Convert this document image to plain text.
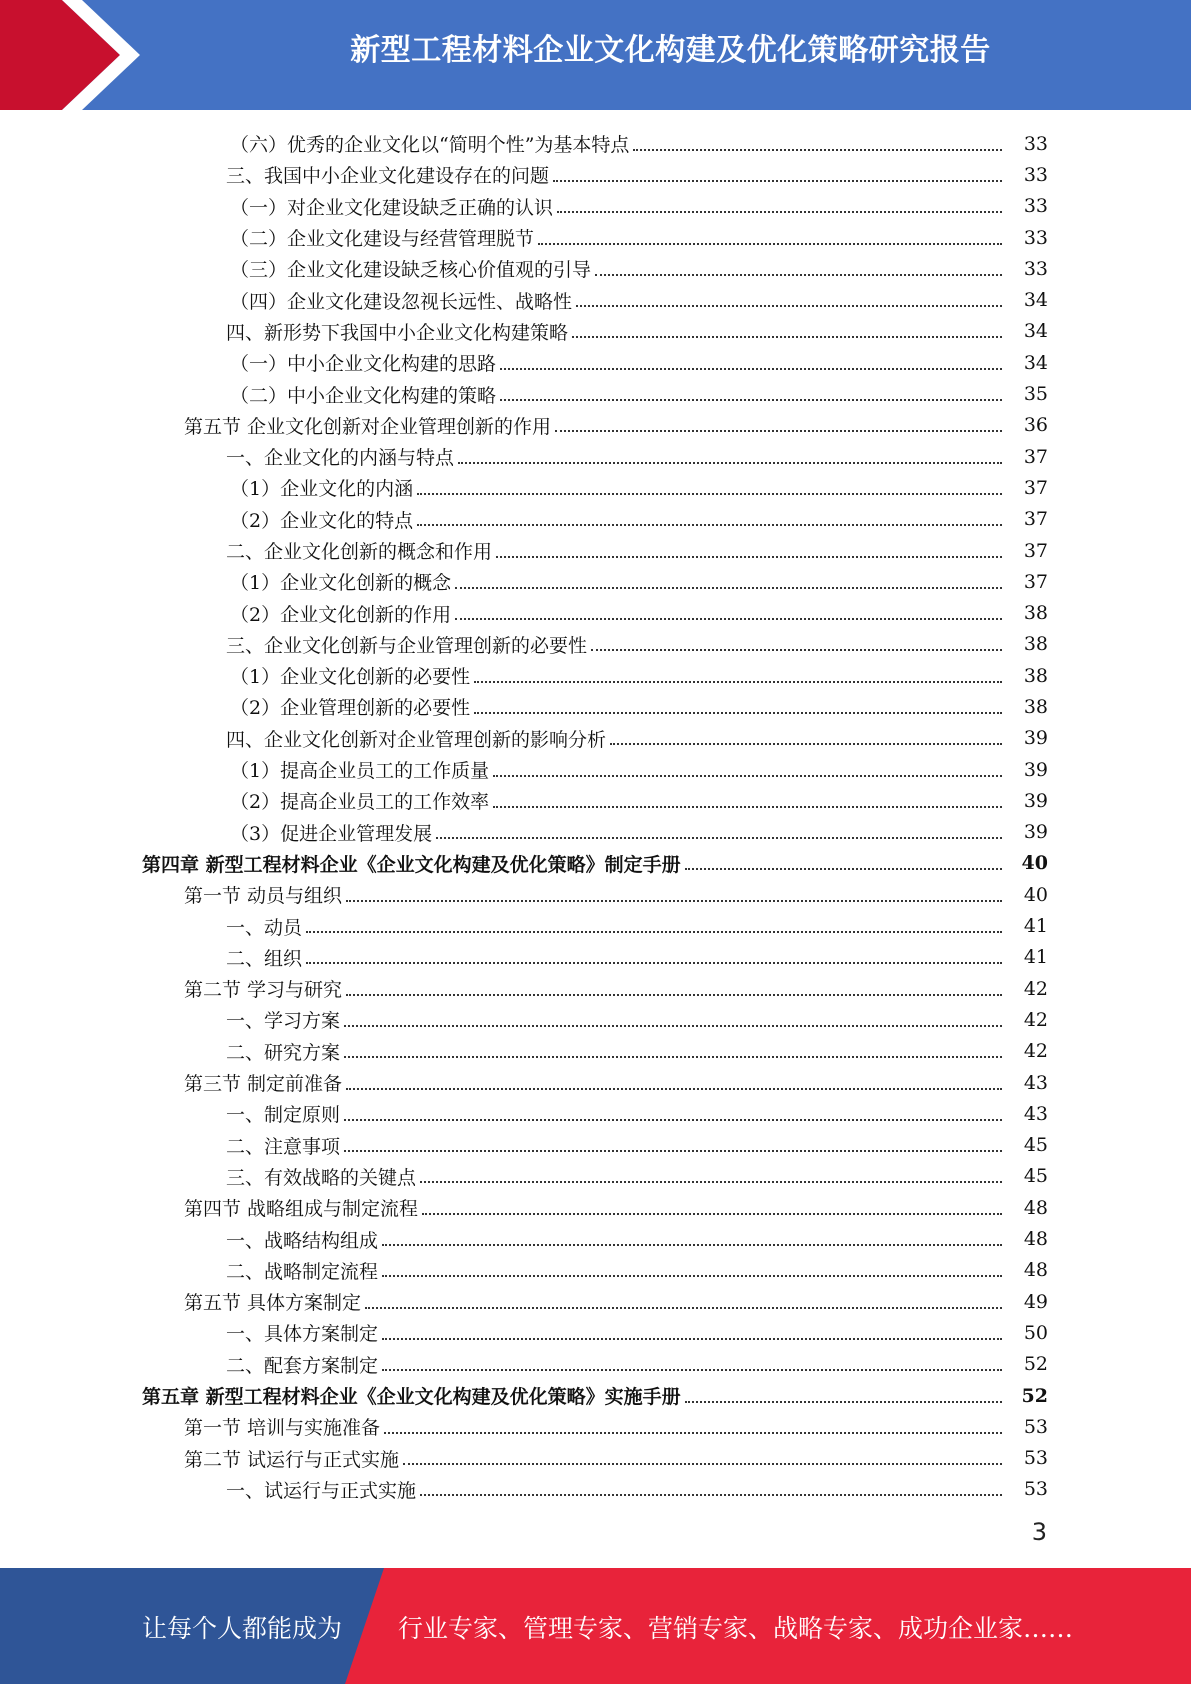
新型工程材料企业文化构建及优化策略研究报告
（六）优秀的企业文化以“简明个性”为基本特点	33
三、我国中小企业文化建设存在的问题	33
（一）对企业文化建设缺乏正确的认识	33
（二）企业文化建设与经营管理脱节	33
（三）企业文化建设缺乏核心价值观的引导	33
（四）企业文化建设忽视长远性、战略性	34
四、新形势下我国中小企业文化构建策略	34
（一）中小企业文化构建的思路	34
（二）中小企业文化构建的策略	35
第五节 企业文化创新对企业管理创新的作用	36
一、企业文化的内涵与特点	37
（1）企业文化的内涵	37
（2）企业文化的特点	37
二、企业文化创新的概念和作用	37
（1）企业文化创新的概念	37
（2）企业文化创新的作用	38
三、企业文化创新与企业管理创新的必要性	38
（1）企业文化创新的必要性	38
（2）企业管理创新的必要性	38
四、企业文化创新对企业管理创新的影响分析	39
（1）提高企业员工的工作质量	39
（2）提高企业员工的工作效率	39
（3）促进企业管理发展	39
第四章 新型工程材料企业《企业文化构建及优化策略》制定手册	40
第一节 动员与组织	40
一、动员	41
二、组织	41
第二节 学习与研究	42
一、学习方案	42
二、研究方案	42
第三节 制定前准备	43
一、制定原则	43
二、注意事项	45
三、有效战略的关键点	45
第四节 战略组成与制定流程	48
一、战略结构组成	48
二、战略制定流程	48
第五节 具体方案制定	49
一、具体方案制定	50
二、配套方案制定	52
第五章 新型工程材料企业《企业文化构建及优化策略》实施手册	52
第一节 培训与实施准备	53
第二节 试运行与正式实施	53
一、试运行与正式实施	53
3
让每个人都能成为 行业专家、管理专家、营销专家、战略专家、成功企业家……
